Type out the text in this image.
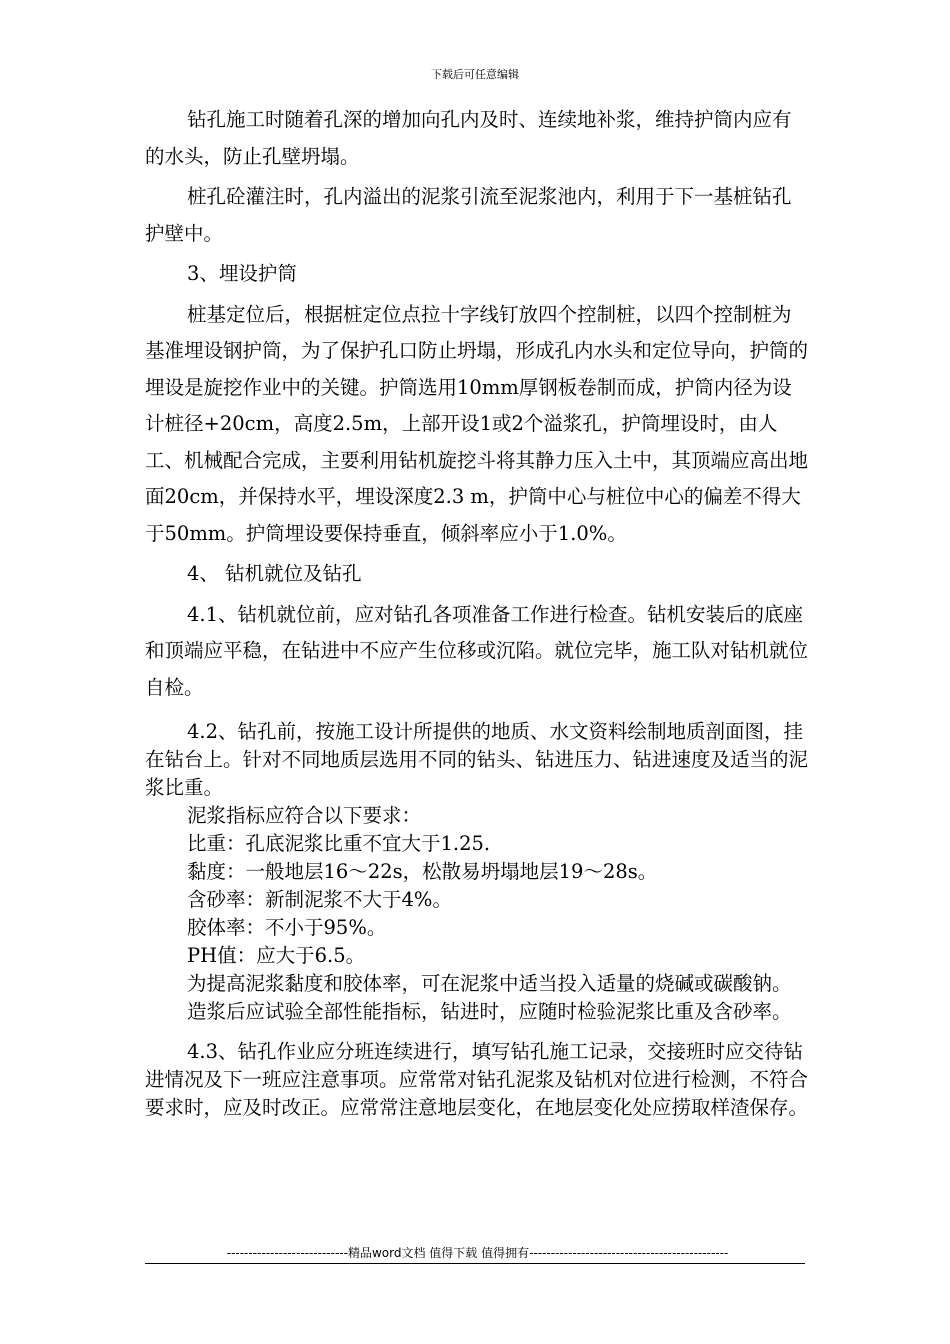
下载后可任意编辑

钻孔施工时随着孔深的增加向孔内及时、连续地补浆，维持护筒内应有的水头，防止孔壁坍塌。

桩孔砼灌注时，孔内溢出的泥浆引流至泥浆池内，利用于下一基桩钻孔护壁中。

3、埋设护筒

桩基定位后，根据桩定位点拉十字线钉放四个控制桩，以四个控制桩为基准埋设钢护筒，为了保护孔口防止坍塌，形成孔内水头和定位导向，护筒的埋设是旋挖作业中的关键。护筒选用10mm厚钢板卷制而成，护筒内径为设计桩径+20cm，高度2.5m，上部开设1或2个溢浆孔，护筒埋设时，由人工、机械配合完成，主要利用钻机旋挖斗将其静力压入土中，其顶端应高出地面20cm，并保持水平，埋设深度2.3 m，护筒中心与桩位中心的偏差不得大于50mm。护筒埋设要保持垂直，倾斜率应小于1.0%。

4、 钻机就位及钻孔

4.1、钻机就位前，应对钻孔各项准备工作进行检查。钻机安装后的底座和顶端应平稳，在钻进中不应产生位移或沉陷。就位完毕，施工队对钻机就位自检。

4.2、钻孔前，按施工设计所提供的地质、水文资料绘制地质剖面图，挂在钻台上。针对不同地质层选用不同的钻头、钻进压力、钻进速度及适当的泥浆比重。

泥浆指标应符合以下要求：

比重：孔底泥浆比重不宜大于1.25.

黏度：一般地层16～22s，松散易坍塌地层19～28s。

含砂率：新制泥浆不大于4%。

胶体率：不小于95%。

PH值：应大于6.5。

为提高泥浆黏度和胶体率，可在泥浆中适当投入适量的烧碱或碳酸钠。

造浆后应试验全部性能指标，钻进时，应随时检验泥浆比重及含砂率。

4.3、钻孔作业应分班连续进行，填写钻孔施工记录，交接班时应交待钻进情况及下一班应注意事项。应常常对钻孔泥浆及钻机对位进行检测，不符合要求时，应及时改正。应常常注意地层变化，在地层变化处应捞取样渣保存。

----------------------------精品word文档 值得下载 值得拥有----------------------------------------------
